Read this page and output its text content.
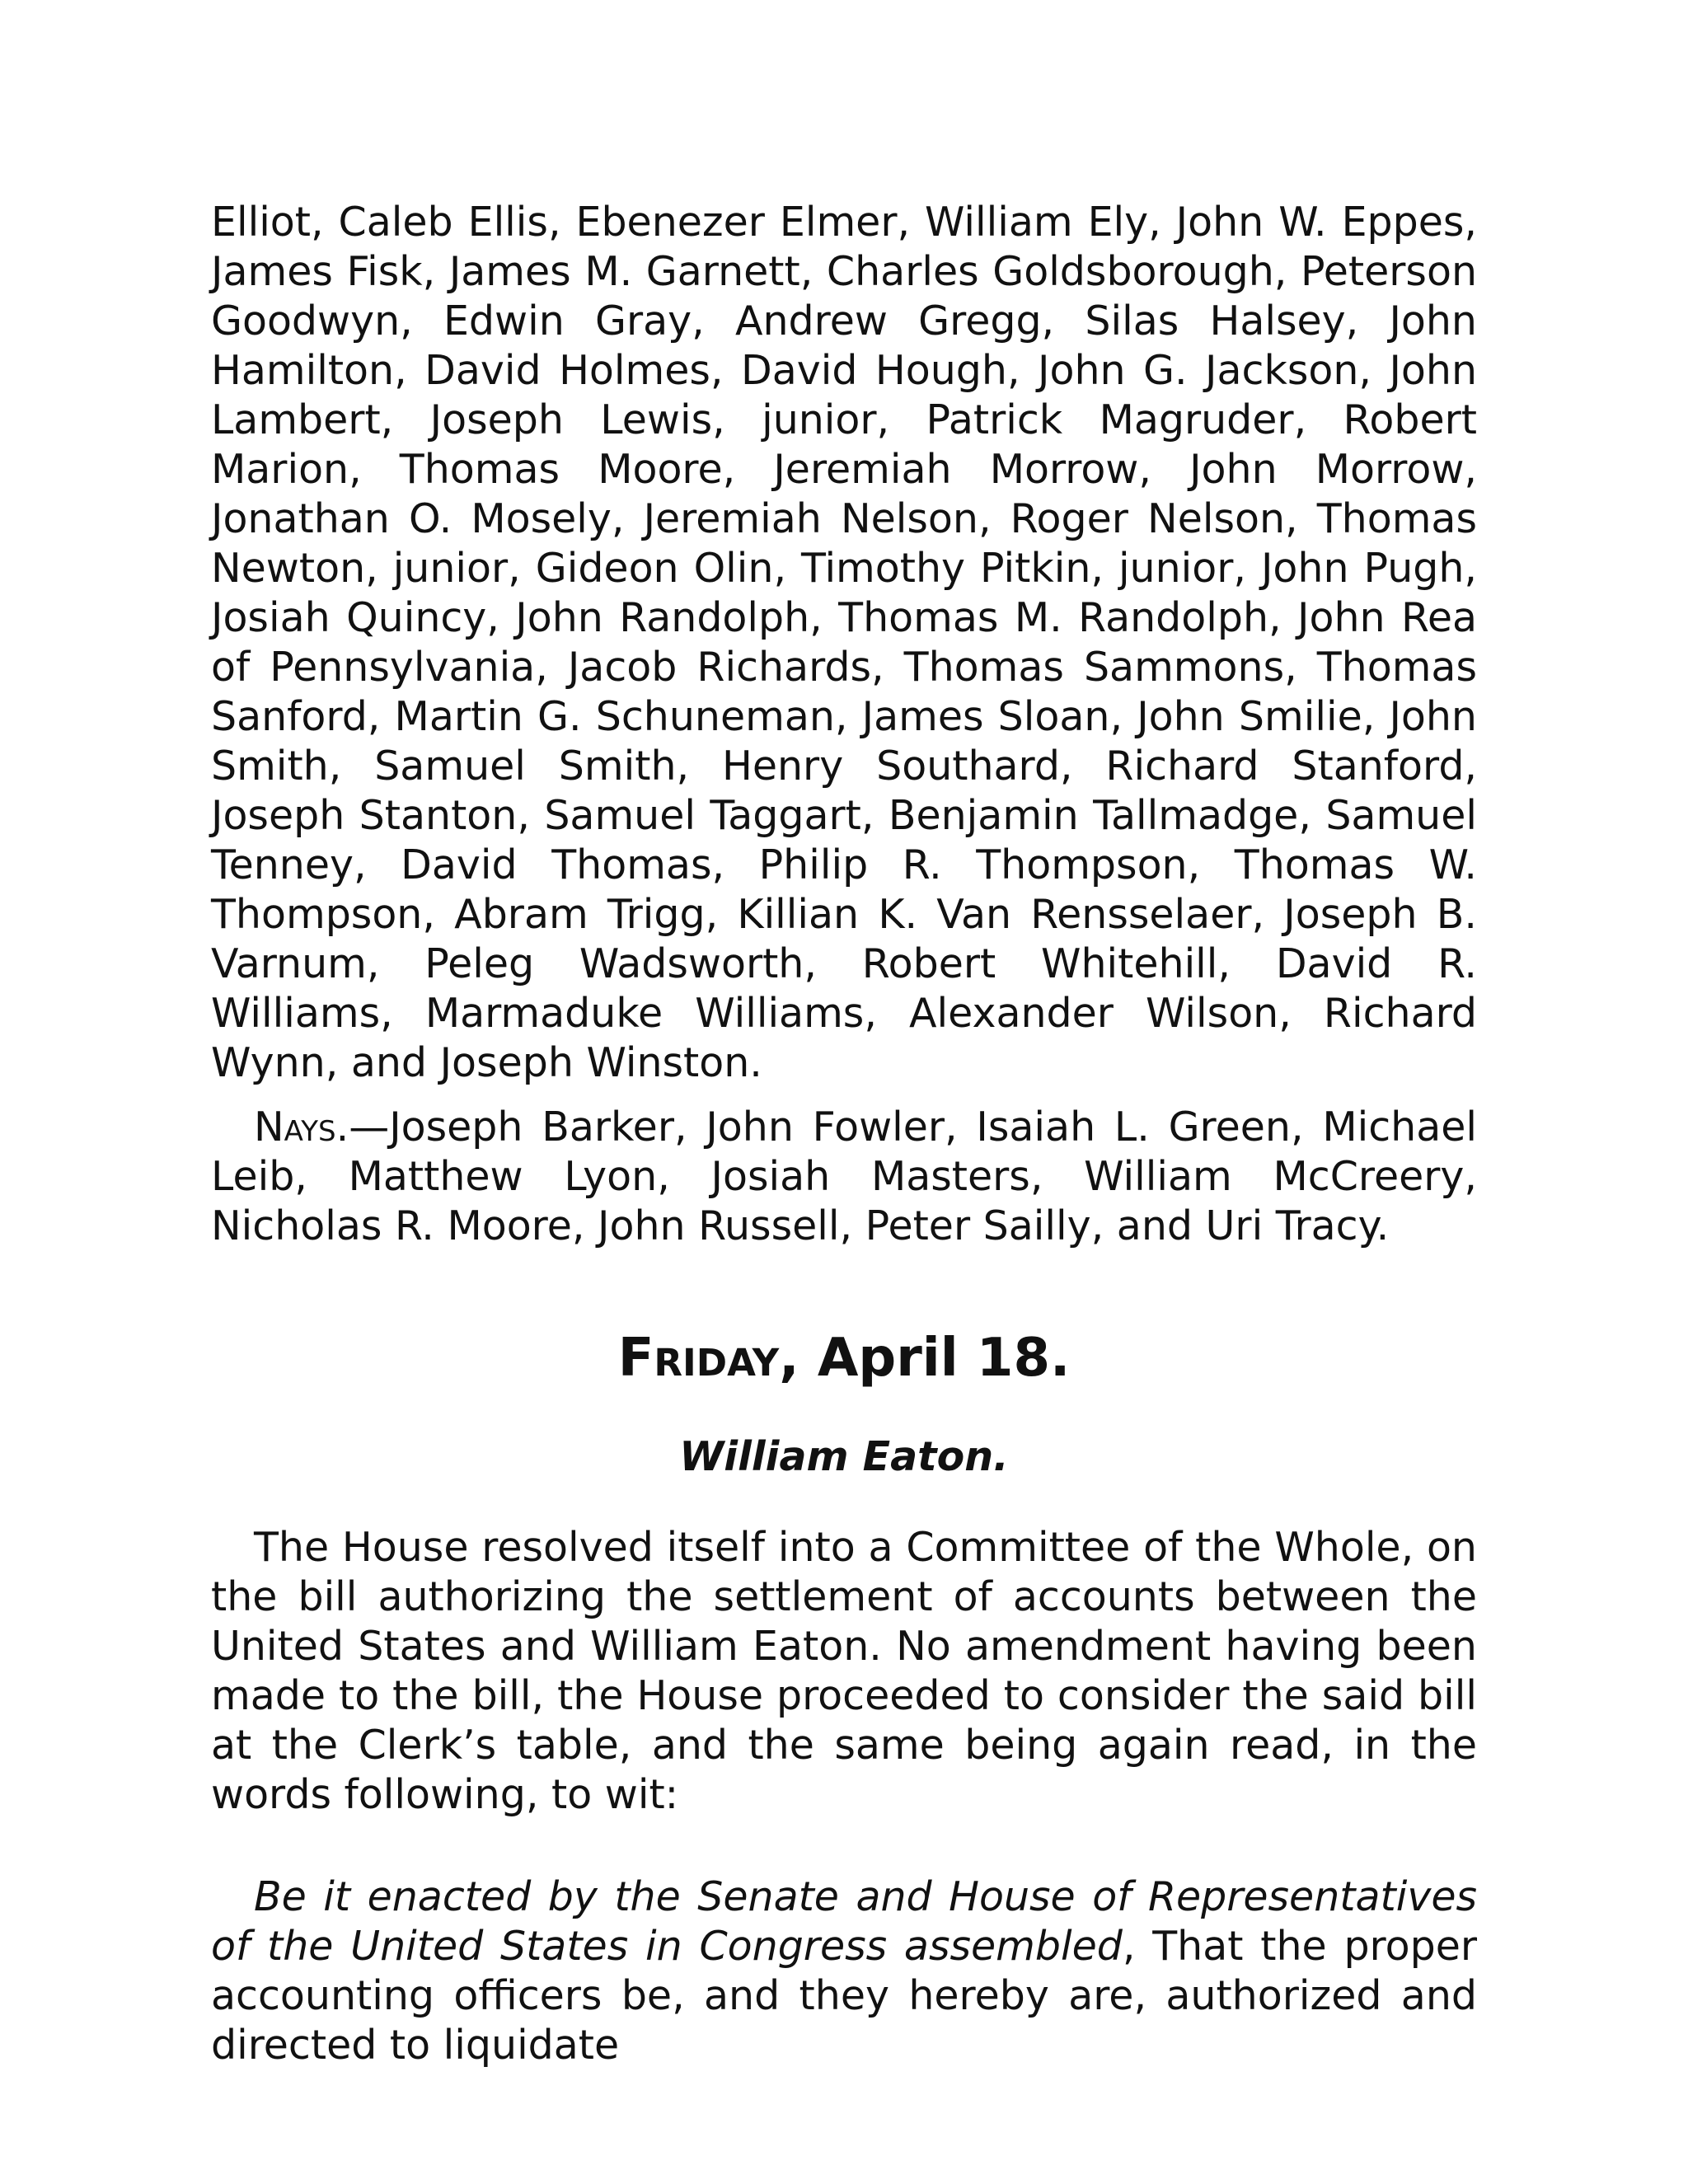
Elliot, Caleb Ellis, Ebenezer Elmer, William Ely, John W. Eppes, James Fisk, James M. Garnett, Charles Goldsborough, Peterson Goodwyn, Edwin Gray, Andrew Gregg, Silas Halsey, John Hamilton, David Holmes, David Hough, John G. Jackson, John Lambert, Joseph Lewis, junior, Patrick Magruder, Robert Marion, Thomas Moore, Jeremiah Morrow, John Morrow, Jonathan O. Mosely, Jeremiah Nelson, Roger Nelson, Thomas Newton, junior, Gideon Olin, Timothy Pitkin, junior, John Pugh, Josiah Quincy, John Randolph, Thomas M. Randolph, John Rea of Pennsylvania, Jacob Richards, Thomas Sammons, Thomas Sanford, Martin G. Schuneman, James Sloan, John Smilie, John Smith, Samuel Smith, Henry Southard, Richard Stanford, Joseph Stanton, Samuel Taggart, Benjamin Tallmadge, Samuel Tenney, David Thomas, Philip R. Thompson, Thomas W. Thompson, Abram Trigg, Killian K. Van Rensselaer, Joseph B. Varnum, Peleg Wadsworth, Robert Whitehill, David R. Williams, Marmaduke Williams, Alexander Wilson, Richard Wynn, and Joseph Winston.

Nays.—Joseph Barker, John Fowler, Isaiah L. Green, Michael Leib, Matthew Lyon, Josiah Masters, William McCreery, Nicholas R. Moore, John Russell, Peter Sailly, and Uri Tracy.

Friday, April 18.
William Eaton.

The House resolved itself into a Committee of the Whole, on the bill authorizing the settlement of accounts between the United States and William Eaton. No amendment having been made to the bill, the House proceeded to consider the said bill at the Clerk’s table, and the same being again read, in the words following, to wit:

Be it enacted by the Senate and House of Representatives of the United States in Congress assembled, That the proper accounting officers be, and they hereby are, authorized and directed to liquidate
